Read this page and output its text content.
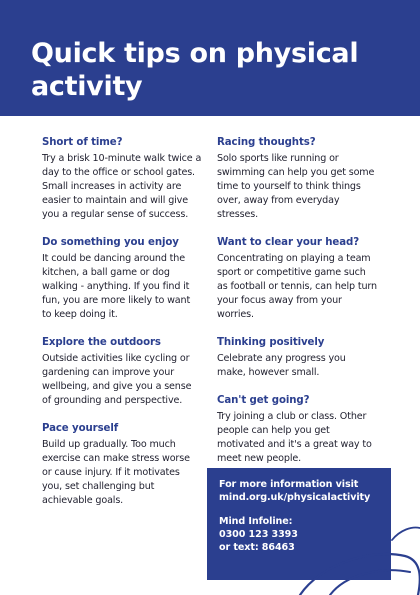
Quick tips on physical activity
Short of time?

Try a brisk 10-minute walk twice a day to the office or school gates. Small increases in activity are easier to maintain and will give you a regular sense of success.

Do something you enjoy

It could be dancing around the kitchen, a ball game or dog walking - anything. If you find it fun, you are more likely to want to keep doing it.

Explore the outdoors

Outside activities like cycling or gardening can improve your wellbeing, and give you a sense of grounding and perspective.

Pace yourself

Build up gradually. Too much exercise can make stress worse or cause injury. If it motivates you, set challenging but achievable goals.

Racing thoughts?

Solo sports like running or swimming can help you get some time to yourself to think things over, away from everyday stresses.

Want to clear your head?

Concentrating on playing a team sport or competitive game such as football or tennis, can help turn your focus away from your worries.

Thinking positively

Celebrate any progress you make, however small.

Can't get going?

Try joining a club or class. Other people can help you get motivated and it's a great way to meet new people.

For more information visit
mind.org.uk/physicalactivity
Mind Infoline:
0300 123 3393
or text: 86463
